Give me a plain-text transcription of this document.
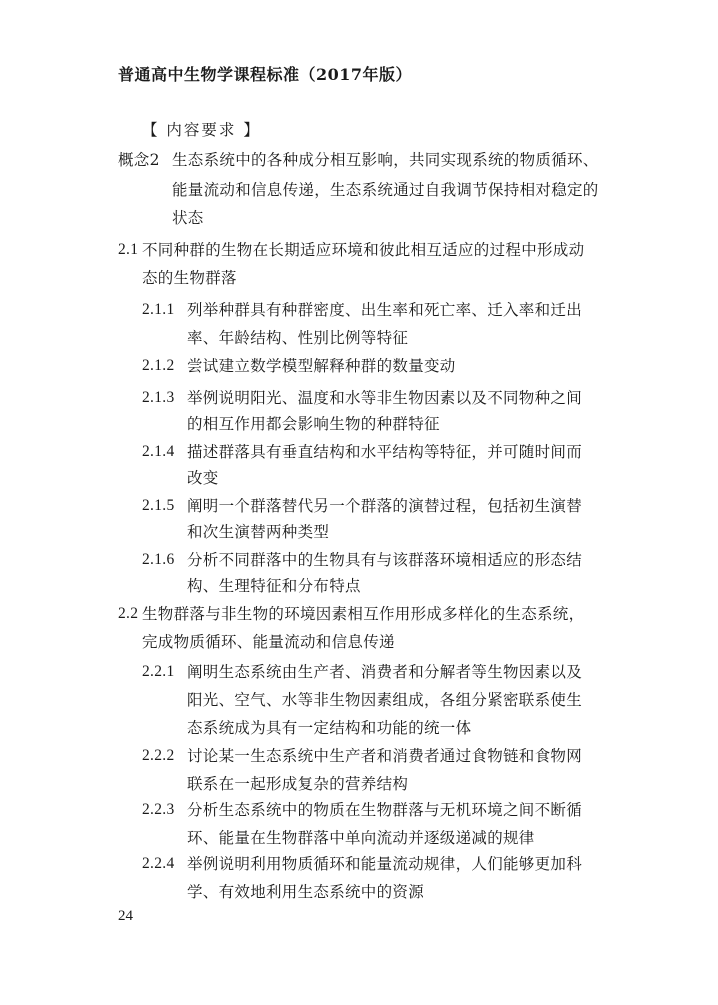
普通高中生物学课程标准（2017年版）
【 内容要求 】
概念2 生态系统中的各种成分相互影响，共同实现系统的物质循环、
能量流动和信息传递，生态系统通过自我调节保持相对稳定的
状态
2.1 不同种群的生物在长期适应环境和彼此相互适应的过程中形成动
态的生物群落
2.1.1 列举种群具有种群密度、出生率和死亡率、迁入率和迁出
率、年龄结构、性别比例等特征
2.1.2 尝试建立数学模型解释种群的数量变动
2.1.3 举例说明阳光、温度和水等非生物因素以及不同物种之间
的相互作用都会影响生物的种群特征
2.1.4 描述群落具有垂直结构和水平结构等特征，并可随时间而
改变
2.1.5 阐明一个群落替代另一个群落的演替过程，包括初生演替
和次生演替两种类型
2.1.6 分析不同群落中的生物具有与该群落环境相适应的形态结
构、生理特征和分布特点
2.2 生物群落与非生物的环境因素相互作用形成多样化的生态系统，
完成物质循环、能量流动和信息传递
2.2.1 阐明生态系统由生产者、消费者和分解者等生物因素以及
阳光、空气、水等非生物因素组成，各组分紧密联系使生
态系统成为具有一定结构和功能的统一体
2.2.2 讨论某一生态系统中生产者和消费者通过食物链和食物网
联系在一起形成复杂的营养结构
2.2.3 分析生态系统中的物质在生物群落与无机环境之间不断循
环、能量在生物群落中单向流动并逐级递减的规律
2.2.4
24
举例说明利用物质循环和能量流动规律，人们能够更加科
学、有效地利用生态系统中的资源
